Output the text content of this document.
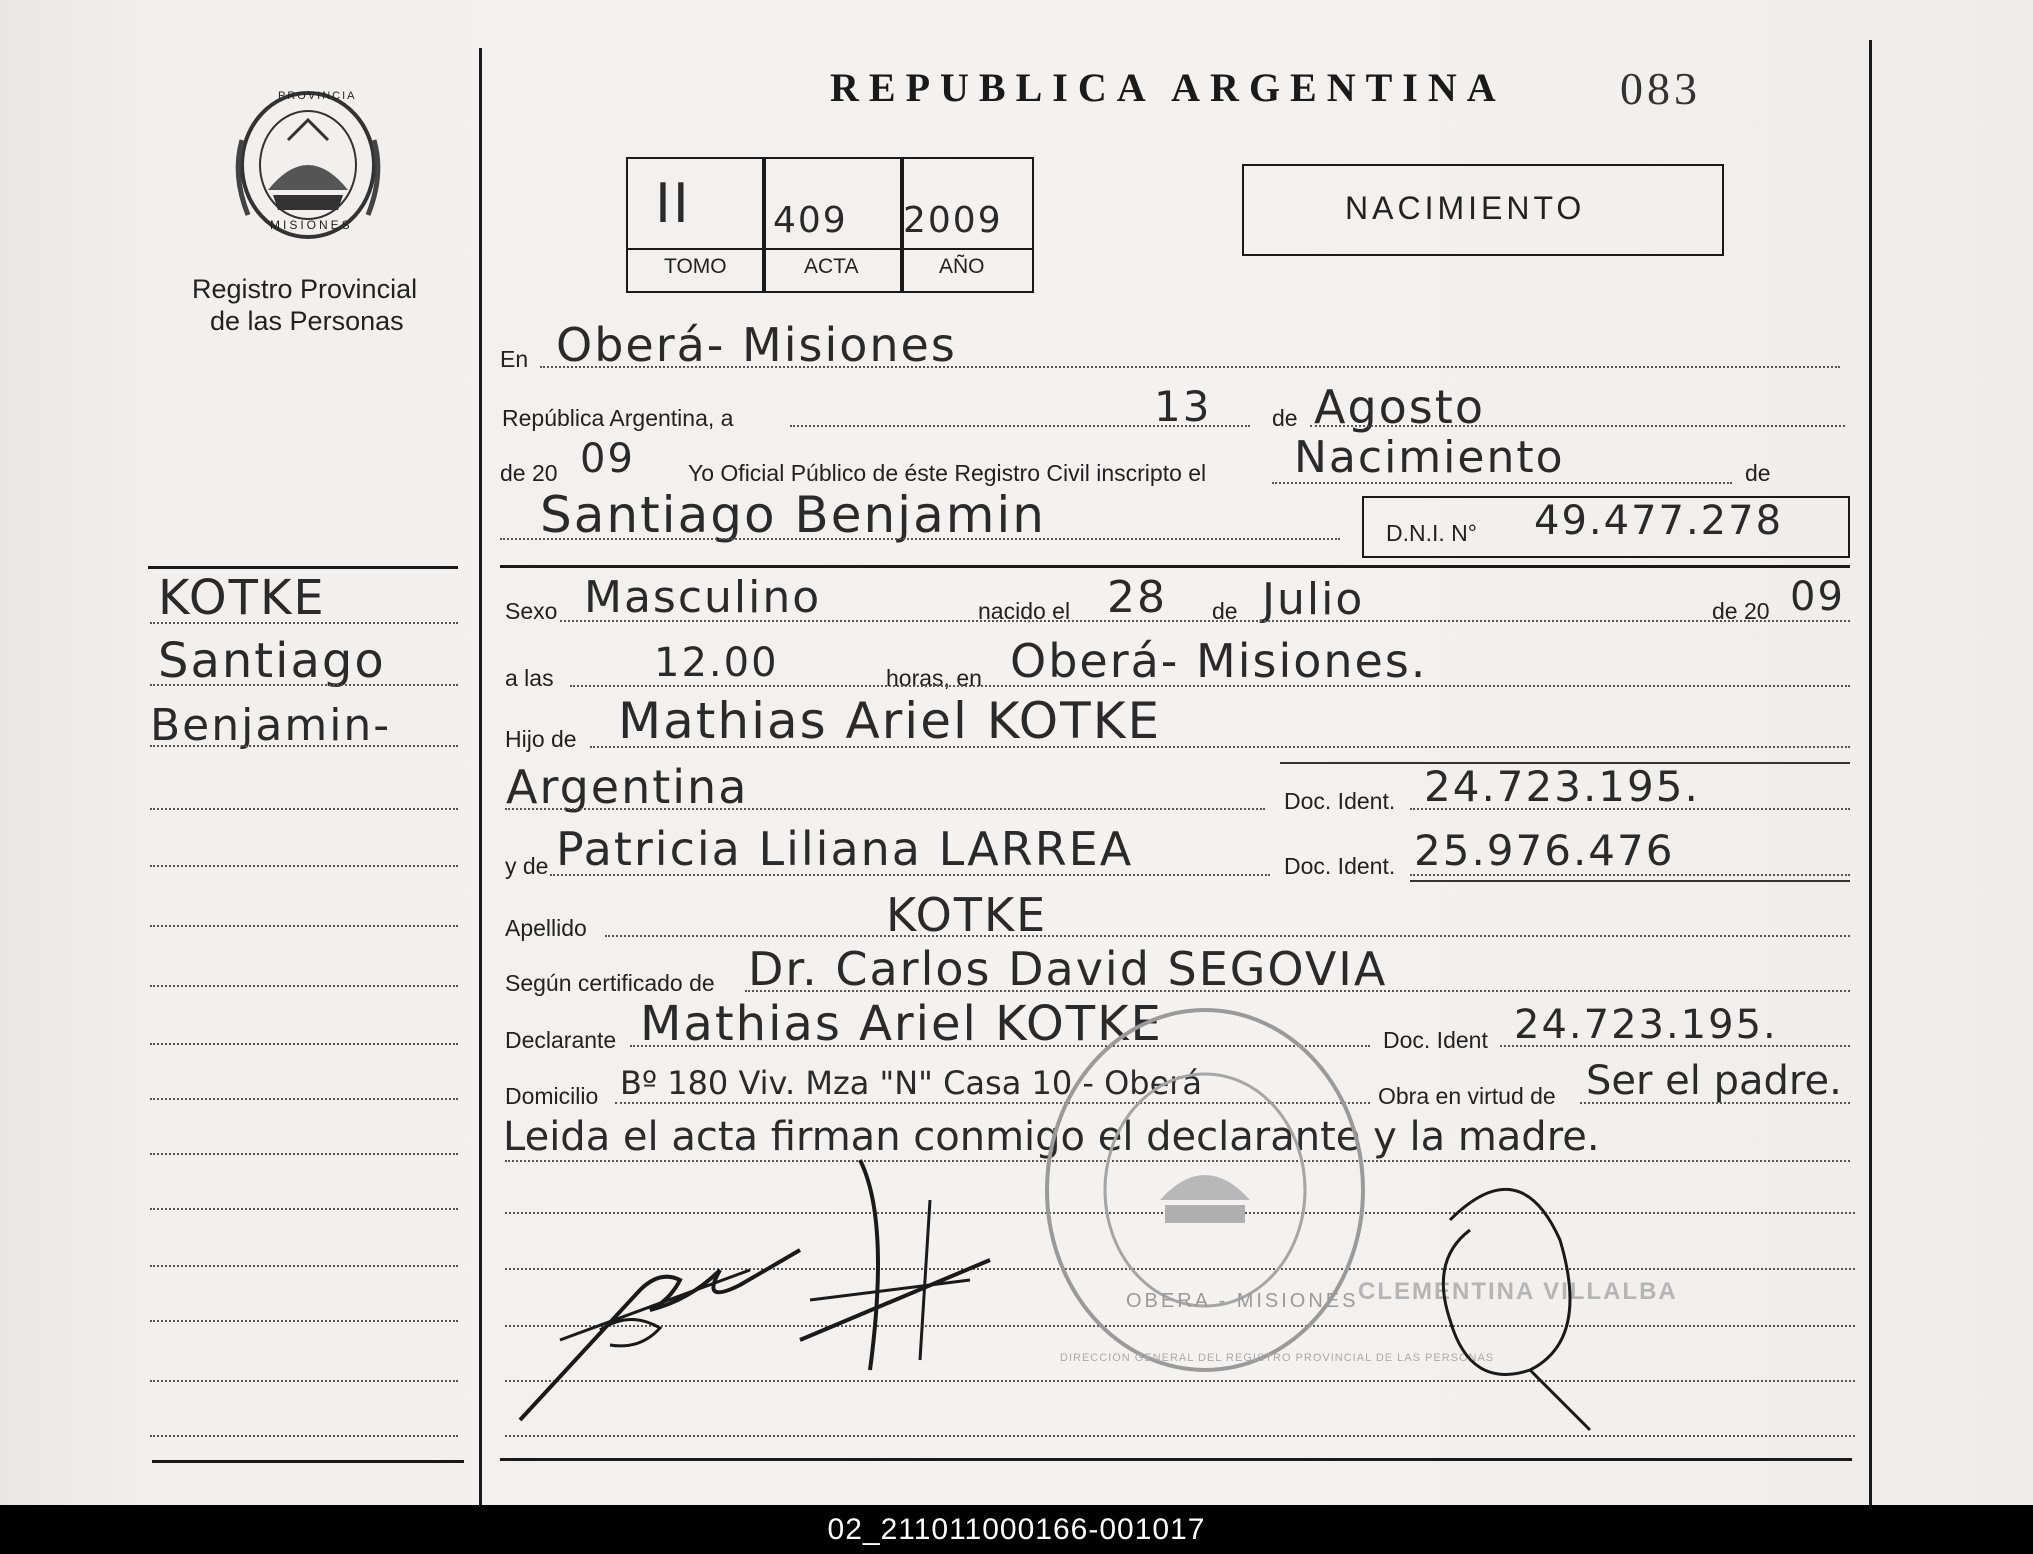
PROVINCIA
MISIONES
Registro Provincial
de las Personas
REPUBLICA ARGENTINA 083
II 409 2009
TOMO	ACTA	AÑO
NACIMIENTO
KOTKE
Santiago
Benjamin-
En Oberá- Misiones
República Argentina, a	13	de Agosto
de 20 09 Yo Oficial Público de éste Registro Civil inscripto el Nacimiento	de
Santiago Benjamin	D.N.I. N° 49.477.278
Sexo Masculino	nacido el 28 de Julio	de 20 09
a las	12.00	horas, en Oberá- Misiones.
Hijo de Mathias Ariel KOTKE
Argentina	Doc. Ident. 24.723.195.
y de Patricia Liliana LARREA	Doc. Ident. 25.976.476
Apellido	KOTKE
Según certificado de Dr. Carlos David SEGOVIA
Declarante Mathias Ariel KOTKE	Doc. Ident 24.723.195.
Domicilio Bº 180 Viv. Mza "N" Casa 10 - Oberá	Obra en virtud de Ser el padre.
Leida el acta firman conmigo el declarante y la madre.
OBERA - MISIONES
DIRECCION GENERAL DEL REGISTRO PROVINCIAL DE LAS PERSONAS
CLEMENTINA VILLALBA
02_211011000166-001017
